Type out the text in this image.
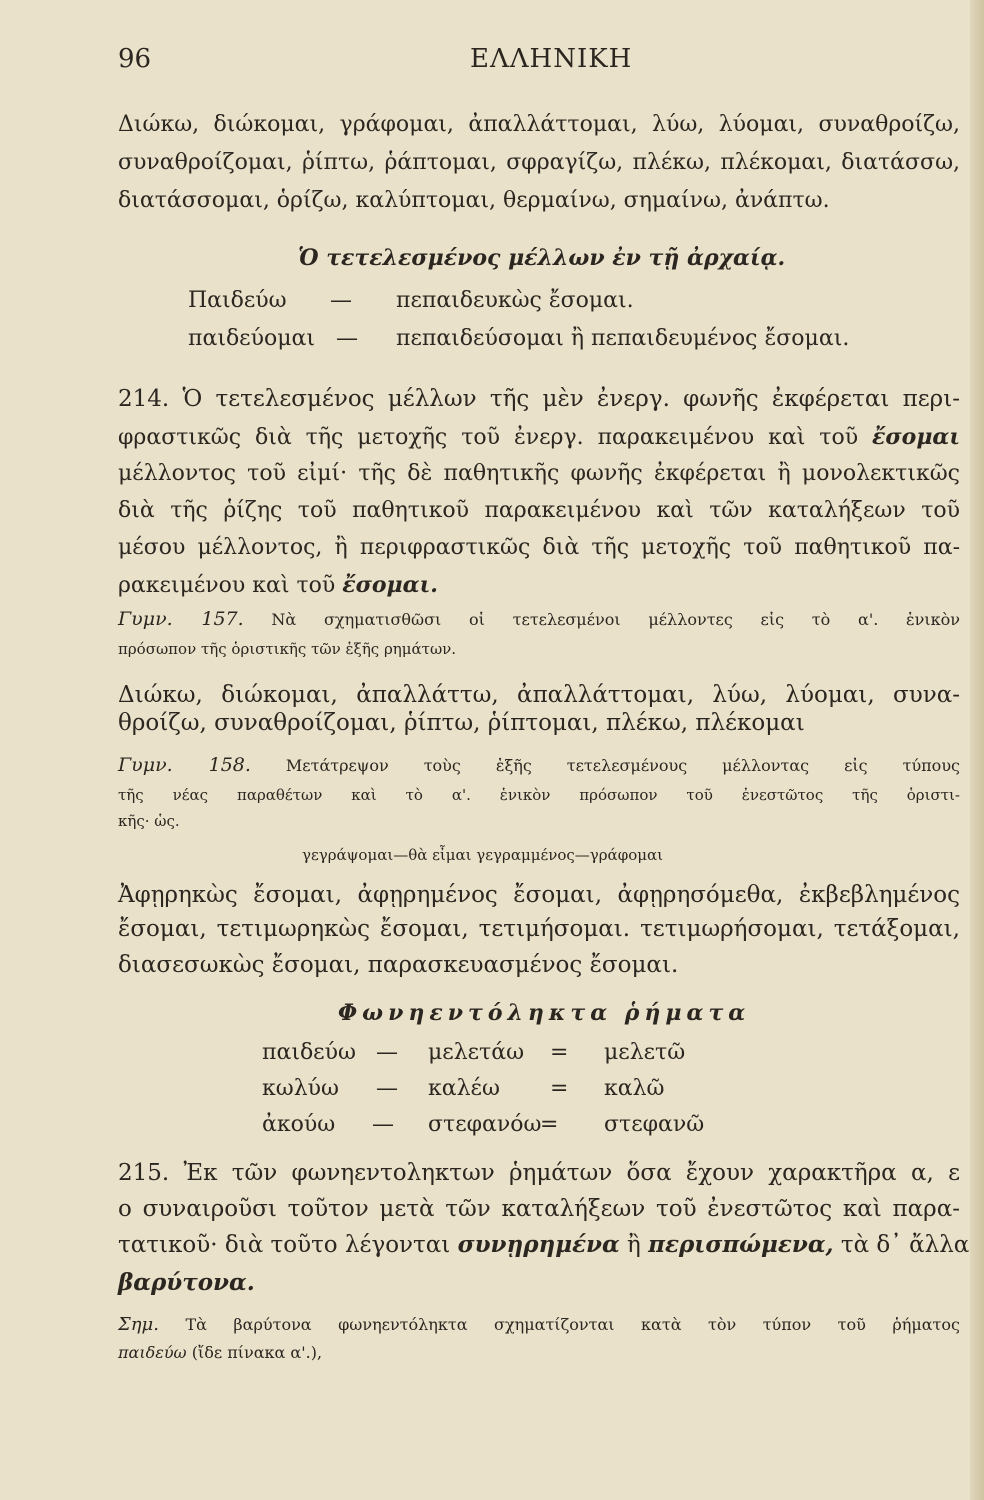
96	ΕΛΛΗΝΙΚΗ
Διώκω, διώκομαι, γράφομαι, ἀπαλλάττομαι, λύω, λύομαι, συναθροίζω,
συναθροίζομαι, ῥίπτω, ῥάπτομαι, σφραγίζω, πλέκω, πλέκομαι, διατάσσω,
διατάσσομαι, ὁρίζω, καλύπτομαι, θερμαίνω, σημαίνω, ἀνάπτω.
Ὁ τετελεσμένος μέλλων ἐν τῇ ἀρχαίᾳ.
Παιδεύω — πεπαιδευκὼς ἔσομαι.
παιδεύομαι — πεπαιδεύσομαι ἢ πεπαιδευμένος ἔσομαι.
214. Ὁ τετελεσμένος μέλλων τῆς μὲν ἐνεργ. φωνῆς ἐκφέρεται περι-
φραστικῶς διὰ τῆς μετοχῆς τοῦ ἐνεργ. παρακειμένου καὶ τοῦ ἔσομαι
μέλλοντος τοῦ εἰμί· τῆς δὲ παθητικῆς φωνῆς ἐκφέρεται ἢ μονολεκτικῶς
διὰ τῆς ῥίζης τοῦ παθητικοῦ παρακειμένου καὶ τῶν καταλήξεων τοῦ
μέσου μέλλοντος, ἢ περιφραστικῶς διὰ τῆς μετοχῆς τοῦ παθητικοῦ πα-
ρακειμένου καὶ τοῦ ἔσομαι.
Γυμν. 157. Νὰ σχηματισθῶσι οἱ τετελεσμένοι μέλλοντες εἰς τὸ α'. ἑνικὸν
πρόσωπον τῆς ὁριστικῆς τῶν ἑξῆς ρημάτων.
Διώκω, διώκομαι, ἀπαλλάττω, ἀπαλλάττομαι, λύω, λύομαι, συνα-
θροίζω, συναθροίζομαι, ῥίπτω, ῥίπτομαι, πλέκω, πλέκομαι
Γυμν. 158. Μετάτρεψον τοὺς ἑξῆς τετελεσμένους μέλλοντας εἰς τύπους
τῆς νέας παραθέτων καὶ τὸ α'. ἑνικὸν πρόσωπον τοῦ ἐνεστῶτος τῆς ὁριστι-
κῆς· ὡς.
γεγράψομαι—θὰ εἶμαι γεγραμμένος—γράφομαι
Ἀφῃρηκὼς ἔσομαι, ἀφῃρημένος ἔσομαι, ἀφῃρησόμεθα, ἐκβεβλημένος
ἔσομαι, τετιμωρηκὼς ἔσομαι, τετιμήσομαι. τετιμωρήσομαι, τετάξομαι,
διασεσωκὼς ἔσομαι, παρασκευασμένος ἔσομαι.
Φωνηεντόληκτα ῥήματα
παιδεύω — μελετάω = μελετῶ
κωλύω — καλέω = καλῶ
ἀκούω — στεφανόω
= στεφανῶ
215. Ἐκ τῶν φωνηεντοληκτων ῥημάτων ὅσα ἔχουν χαρακτῆρα α, ε
ο συναιροῦσι τοῦτον μετὰ τῶν καταλήξεων τοῦ ἐνεστῶτος καὶ παρα-
τατικοῦ· διὰ τοῦτο λέγονται συνῃρημένα ἢ περισπώμενα, τὰ δ᾽ ἄλλα
βαρύτονα.
Σημ. Τὰ βαρύτονα φωνηεντόληκτα σχηματίζονται κατὰ τὸν τύπον τοῦ ῥήματος
παιδεύω (ἴδε πίνακα α'.),
